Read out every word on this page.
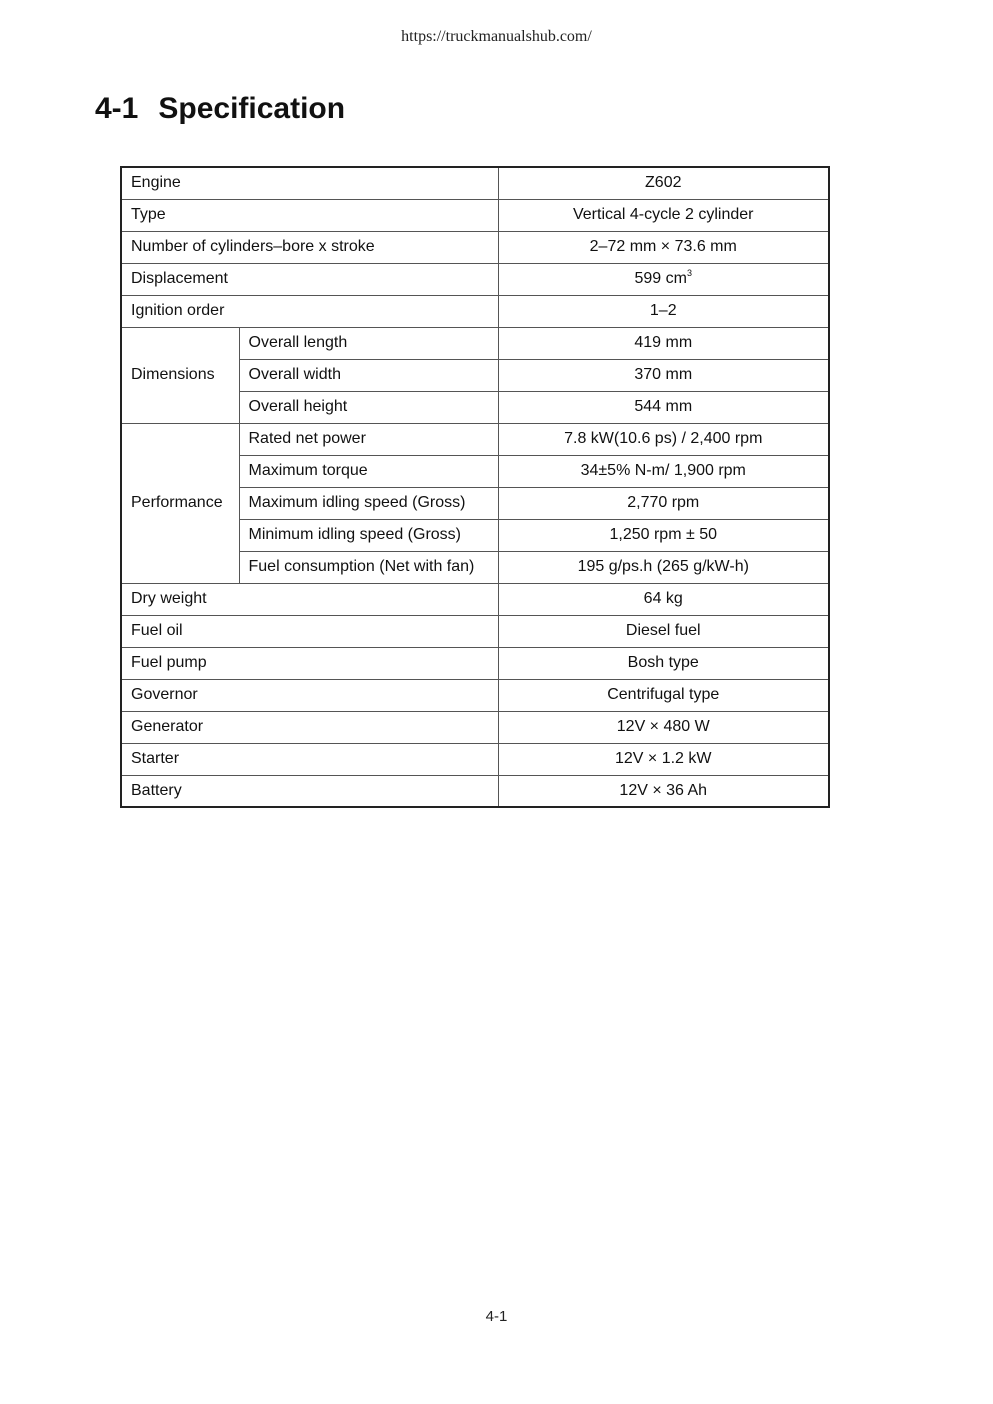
https://truckmanualshub.com/
4-1 Specification
Engine		Z602
Type		Vertical 4-cycle 2 cylinder
Number of cylinders–bore x stroke		2–72 mm × 73.6 mm
Displacement		599 $cm^3$
Ignition order		1–2
Dimensions	Overall length	419 mm
	Overall width	370 mm
	Overall height	544 mm
Performance	Rated net power	7.8 kW(10.6 ps) / 2,400 rpm
	Maximum torque	34±5% N-m/ 1,900 rpm
	Maximum idling speed (Gross)	2,770 rpm
	Minimum idling speed (Gross)	1,250 rpm ± 50
	Fuel consumption (Net with fan)	195 g/ps.h (265 g/kW-h)
Dry weight		64 kg
Fuel oil		Diesel fuel
Fuel pump		Bosh type
Governor		Centrifugal type
Generator		12V × 480 W
Starter		12V × 1.2 kW
Battery		12V × 36 Ah
4-1
